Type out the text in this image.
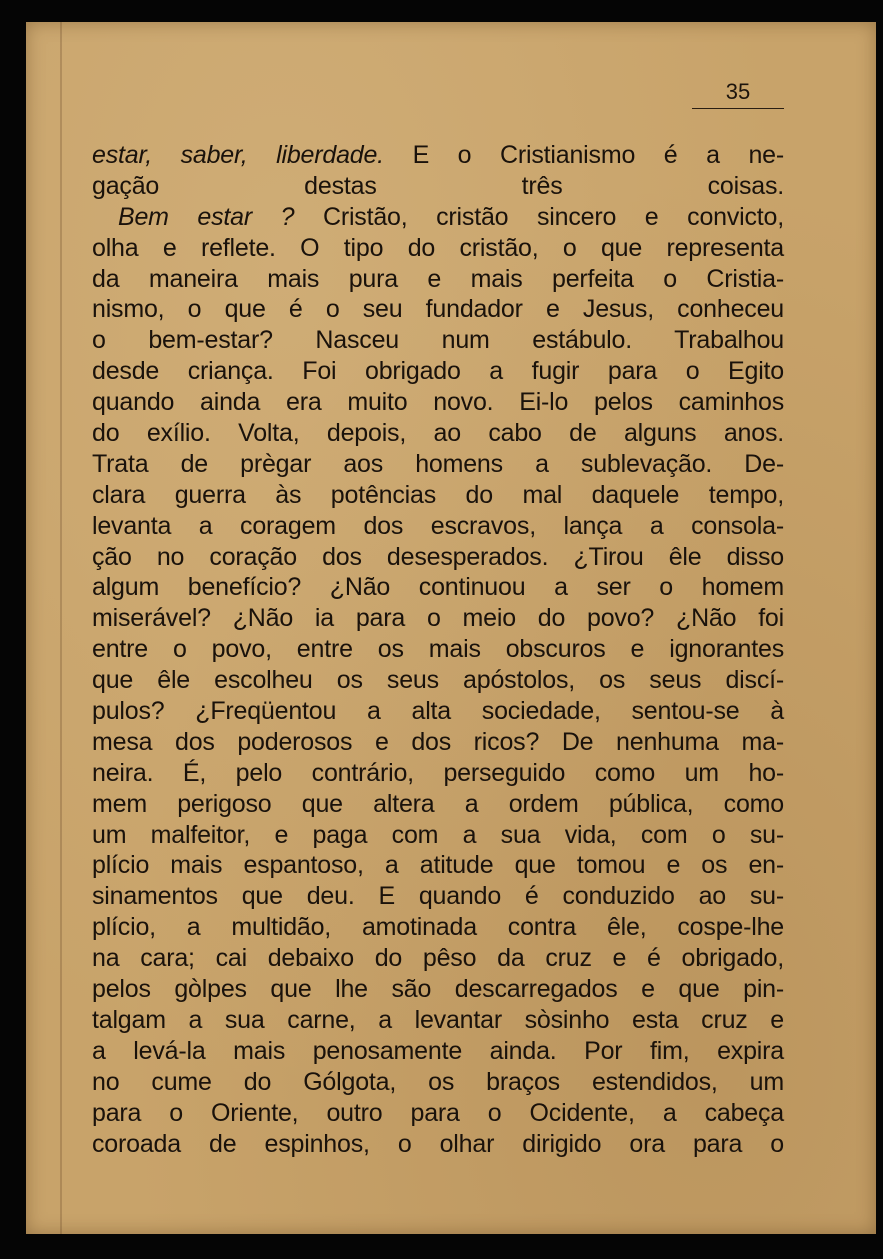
35
estar, saber, liberdade. E o Cristianismo é a ne-
gação destas três coisas.
Bem estar ? Cristão, cristão sincero e convicto,
olha e reflete. O tipo do cristão, o que representa
da maneira mais pura e mais perfeita o Cristia-
nismo, o que é o seu fundador e Jesus, conheceu
o bem-estar? Nasceu num estábulo. Trabalhou
desde criança. Foi obrigado a fugir para o Egito
quando ainda era muito novo. Ei-lo pelos caminhos
do exílio. Volta, depois, ao cabo de alguns anos.
Trata de prègar aos homens a sublevação. De-
clara guerra às potências do mal daquele tempo,
levanta a coragem dos escravos, lança a consola-
ção no coração dos desesperados. ¿Tirou êle disso
algum benefício? ¿Não continuou a ser o homem
miserável? ¿Não ia para o meio do povo? ¿Não foi
entre o povo, entre os mais obscuros e ignorantes
que êle escolheu os seus apóstolos, os seus discí-
pulos? ¿Freqüentou a alta sociedade, sentou-se à
mesa dos poderosos e dos ricos? De nenhuma ma-
neira. É, pelo contrário, perseguido como um ho-
mem perigoso que altera a ordem pública, como
um malfeitor, e paga com a sua vida, com o su-
plício mais espantoso, a atitude que tomou e os en-
sinamentos que deu. E quando é conduzido ao su-
plício, a multidão, amotinada contra êle, cospe-lhe
na cara; cai debaixo do pêso da cruz e é obrigado,
pelos gòlpes que lhe são descarregados e que pin-
talgam a sua carne, a levantar sòsinho esta cruz e
a levá-la mais penosamente ainda. Por fim, expira
no cume do Gólgota, os braços estendidos, um
para o Oriente, outro para o Ocidente, a cabeça
coroada de espinhos, o olhar dirigido ora para o
